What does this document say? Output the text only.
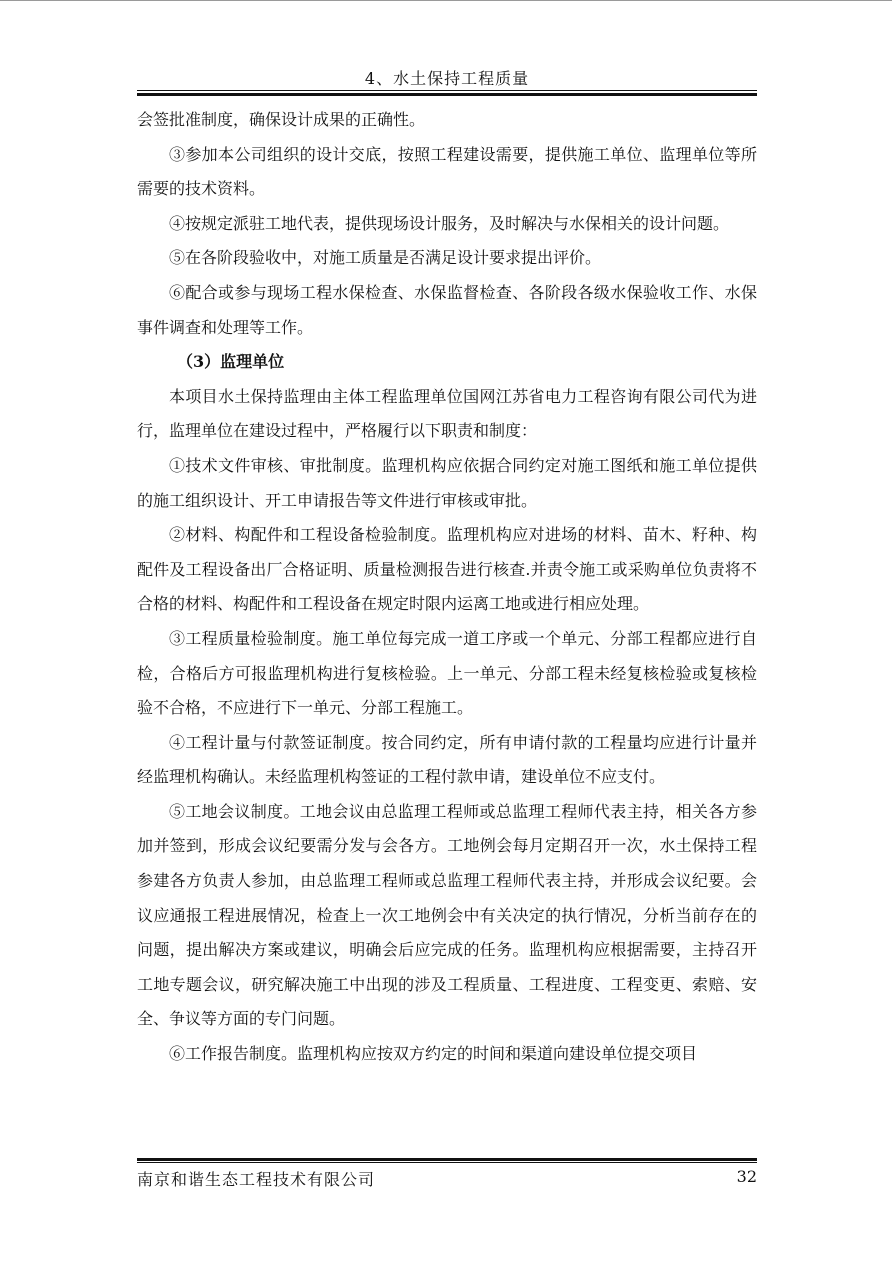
4、水土保持工程质量

会签批准制度，确保设计成果的正确性。

③参加本公司组织的设计交底，按照工程建设需要，提供施工单位、监理单位等所需要的技术资料。

④按规定派驻工地代表，提供现场设计服务，及时解决与水保相关的设计问题。

⑤在各阶段验收中，对施工质量是否满足设计要求提出评价。

⑥配合或参与现场工程水保检查、水保监督检查、各阶段各级水保验收工作、水保事件调查和处理等工作。

（3）监理单位

本项目水土保持监理由主体工程监理单位国网江苏省电力工程咨询有限公司代为进行，监理单位在建设过程中，严格履行以下职责和制度：

①技术文件审核、审批制度。监理机构应依据合同约定对施工图纸和施工单位提供的施工组织设计、开工申请报告等文件进行审核或审批。

②材料、构配件和工程设备检验制度。监理机构应对进场的材料、苗木、籽种、构配件及工程设备出厂合格证明、质量检测报告进行核查.并责令施工或采购单位负责将不合格的材料、构配件和工程设备在规定时限内运离工地或进行相应处理。

③工程质量检验制度。施工单位每完成一道工序或一个单元、分部工程都应进行自检，合格后方可报监理机构进行复核检验。上一单元、分部工程未经复核检验或复核检验不合格，不应进行下一单元、分部工程施工。

④工程计量与付款签证制度。按合同约定，所有申请付款的工程量均应进行计量并经监理机构确认。未经监理机构签证的工程付款申请，建设单位不应支付。

⑤工地会议制度。工地会议由总监理工程师或总监理工程师代表主持，相关各方参加并签到，形成会议纪要需分发与会各方。工地例会每月定期召开一次，水土保持工程参建各方负责人参加，由总监理工程师或总监理工程师代表主持，并形成会议纪要。会议应通报工程进展情况，检查上一次工地例会中有关决定的执行情况，分析当前存在的问题，提出解决方案或建议，明确会后应完成的任务。监理机构应根据需要，主持召开工地专题会议，研究解决施工中出现的涉及工程质量、工程进度、工程变更、索赔、安全、争议等方面的专门问题。

⑥工作报告制度。监理机构应按双方约定的时间和渠道向建设单位提交项目

南京和谐生态工程技术有限公司	32
